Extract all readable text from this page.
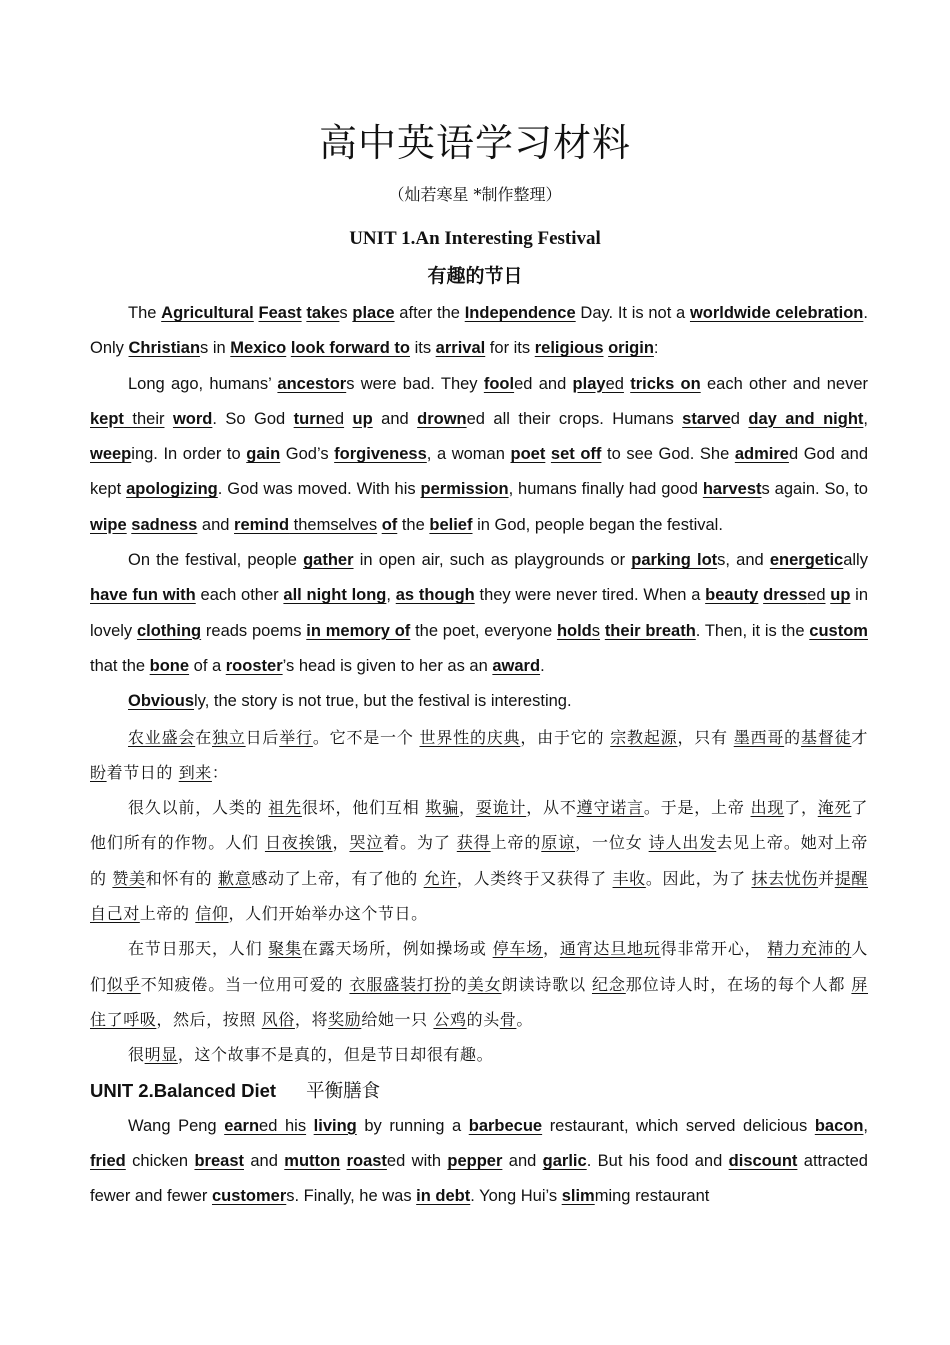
高中英语学习材料
（灿若寒星 *制作整理）
UNIT 1.An Interesting Festival
有趣的节日

The Agricultural Feast takes place after the Independence Day. It is not a worldwide celebration. Only Christians in Mexico look forward to its arrival for its religious origin:

Long ago, humans’ ancestors were bad. They fooled and played tricks on each other and never kept their word. So God turned up and drowned all their crops. Humans starved day and night, weeping. In order to gain God’s forgiveness, a woman poet set off to see God. She admired God and kept apologizing. God was moved. With his permission, humans finally had good harvests again. So, to wipe sadness and remind themselves of the belief in God, people began the festival.

On the festival, people gather in open air, such as playgrounds or parking lots, and energetically have fun with each other all night long, as though they were never tired. When a beauty dressed up in lovely clothing reads poems in memory of the poet, everyone holds their breath. Then, it is the custom that the bone of a rooster’s head is given to her as an award.

Obviously, the story is not true, but the festival is interesting.

农业盛会在独立日后举行。它不是一个 世界性的庆典，由于它的 宗教起源，只有 墨西哥的基督徒才盼着节日的 到来：

很久以前，人类的 祖先很坏，他们互相 欺骗，耍诡计，从不遵守诺言。于是，上帝 出现了，淹死了他们所有的作物。人们 日夜挨饿，哭泣着。为了 获得上帝的原谅，一位女 诗人出发去见上帝。她对上帝的 赞美和怀有的 歉意感动了上帝，有了他的 允许，人类终于又获得了 丰收。因此，为了 抹去忧伤并提醒自己对上帝的 信仰，人们开始举办这个节日。

在节日那天，人们 聚集在露天场所，例如操场或 停车场，通宵达旦地玩得非常开心， 精力充沛的人们似乎不知疲倦。当一位用可爱的 衣服盛装打扮的美女朗读诗歌以 纪念那位诗人时，在场的每个人都 屏住了呼吸，然后，按照 风俗，将奖励给她一只 公鸡的头骨。

很明显，这个故事不是真的，但是节日却很有趣。

UNIT 2.Balanced Diet 平衡膳食

Wang Peng earned his living by running a barbecue restaurant, which served delicious bacon, fried chicken breast and mutton roasted with pepper and garlic. But his food and discount attracted fewer and fewer customers. Finally, he was in debt. Yong Hui’s slimming restaurant
